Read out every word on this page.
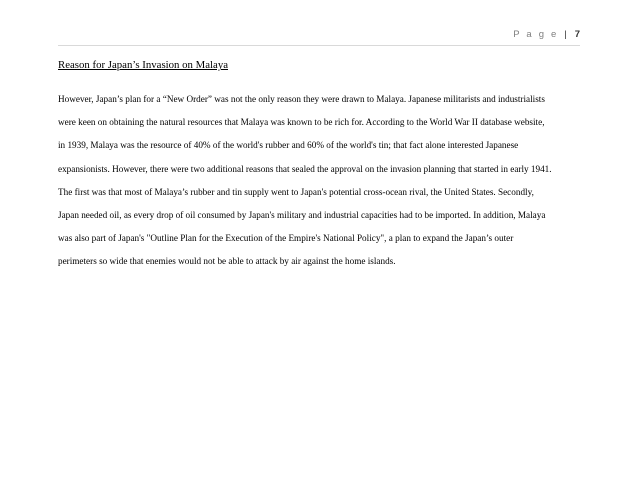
P a g e | 7
Reason for Japan’s Invasion on Malaya
However, Japan’s plan for a “New Order” was not the only reason they were drawn to Malaya. Japanese militarists and industrialists
were keen on obtaining the natural resources that Malaya was known to be rich for. According to the World War II database website,
in 1939, Malaya was the resource of 40% of the world's rubber and 60% of the world's tin; that fact alone interested Japanese
expansionists. However, there were two additional reasons that sealed the approval on the invasion planning that started in early 1941.
The first was that most of Malaya’s rubber and tin supply went to Japan's potential cross-ocean rival, the United States. Secondly,
Japan needed oil, as every drop of oil consumed by Japan's military and industrial capacities had to be imported. In addition, Malaya
was also part of Japan's "Outline Plan for the Execution of the Empire's National Policy", a plan to expand the Japan’s outer
perimeters so wide that enemies would not be able to attack by air against the home islands.
